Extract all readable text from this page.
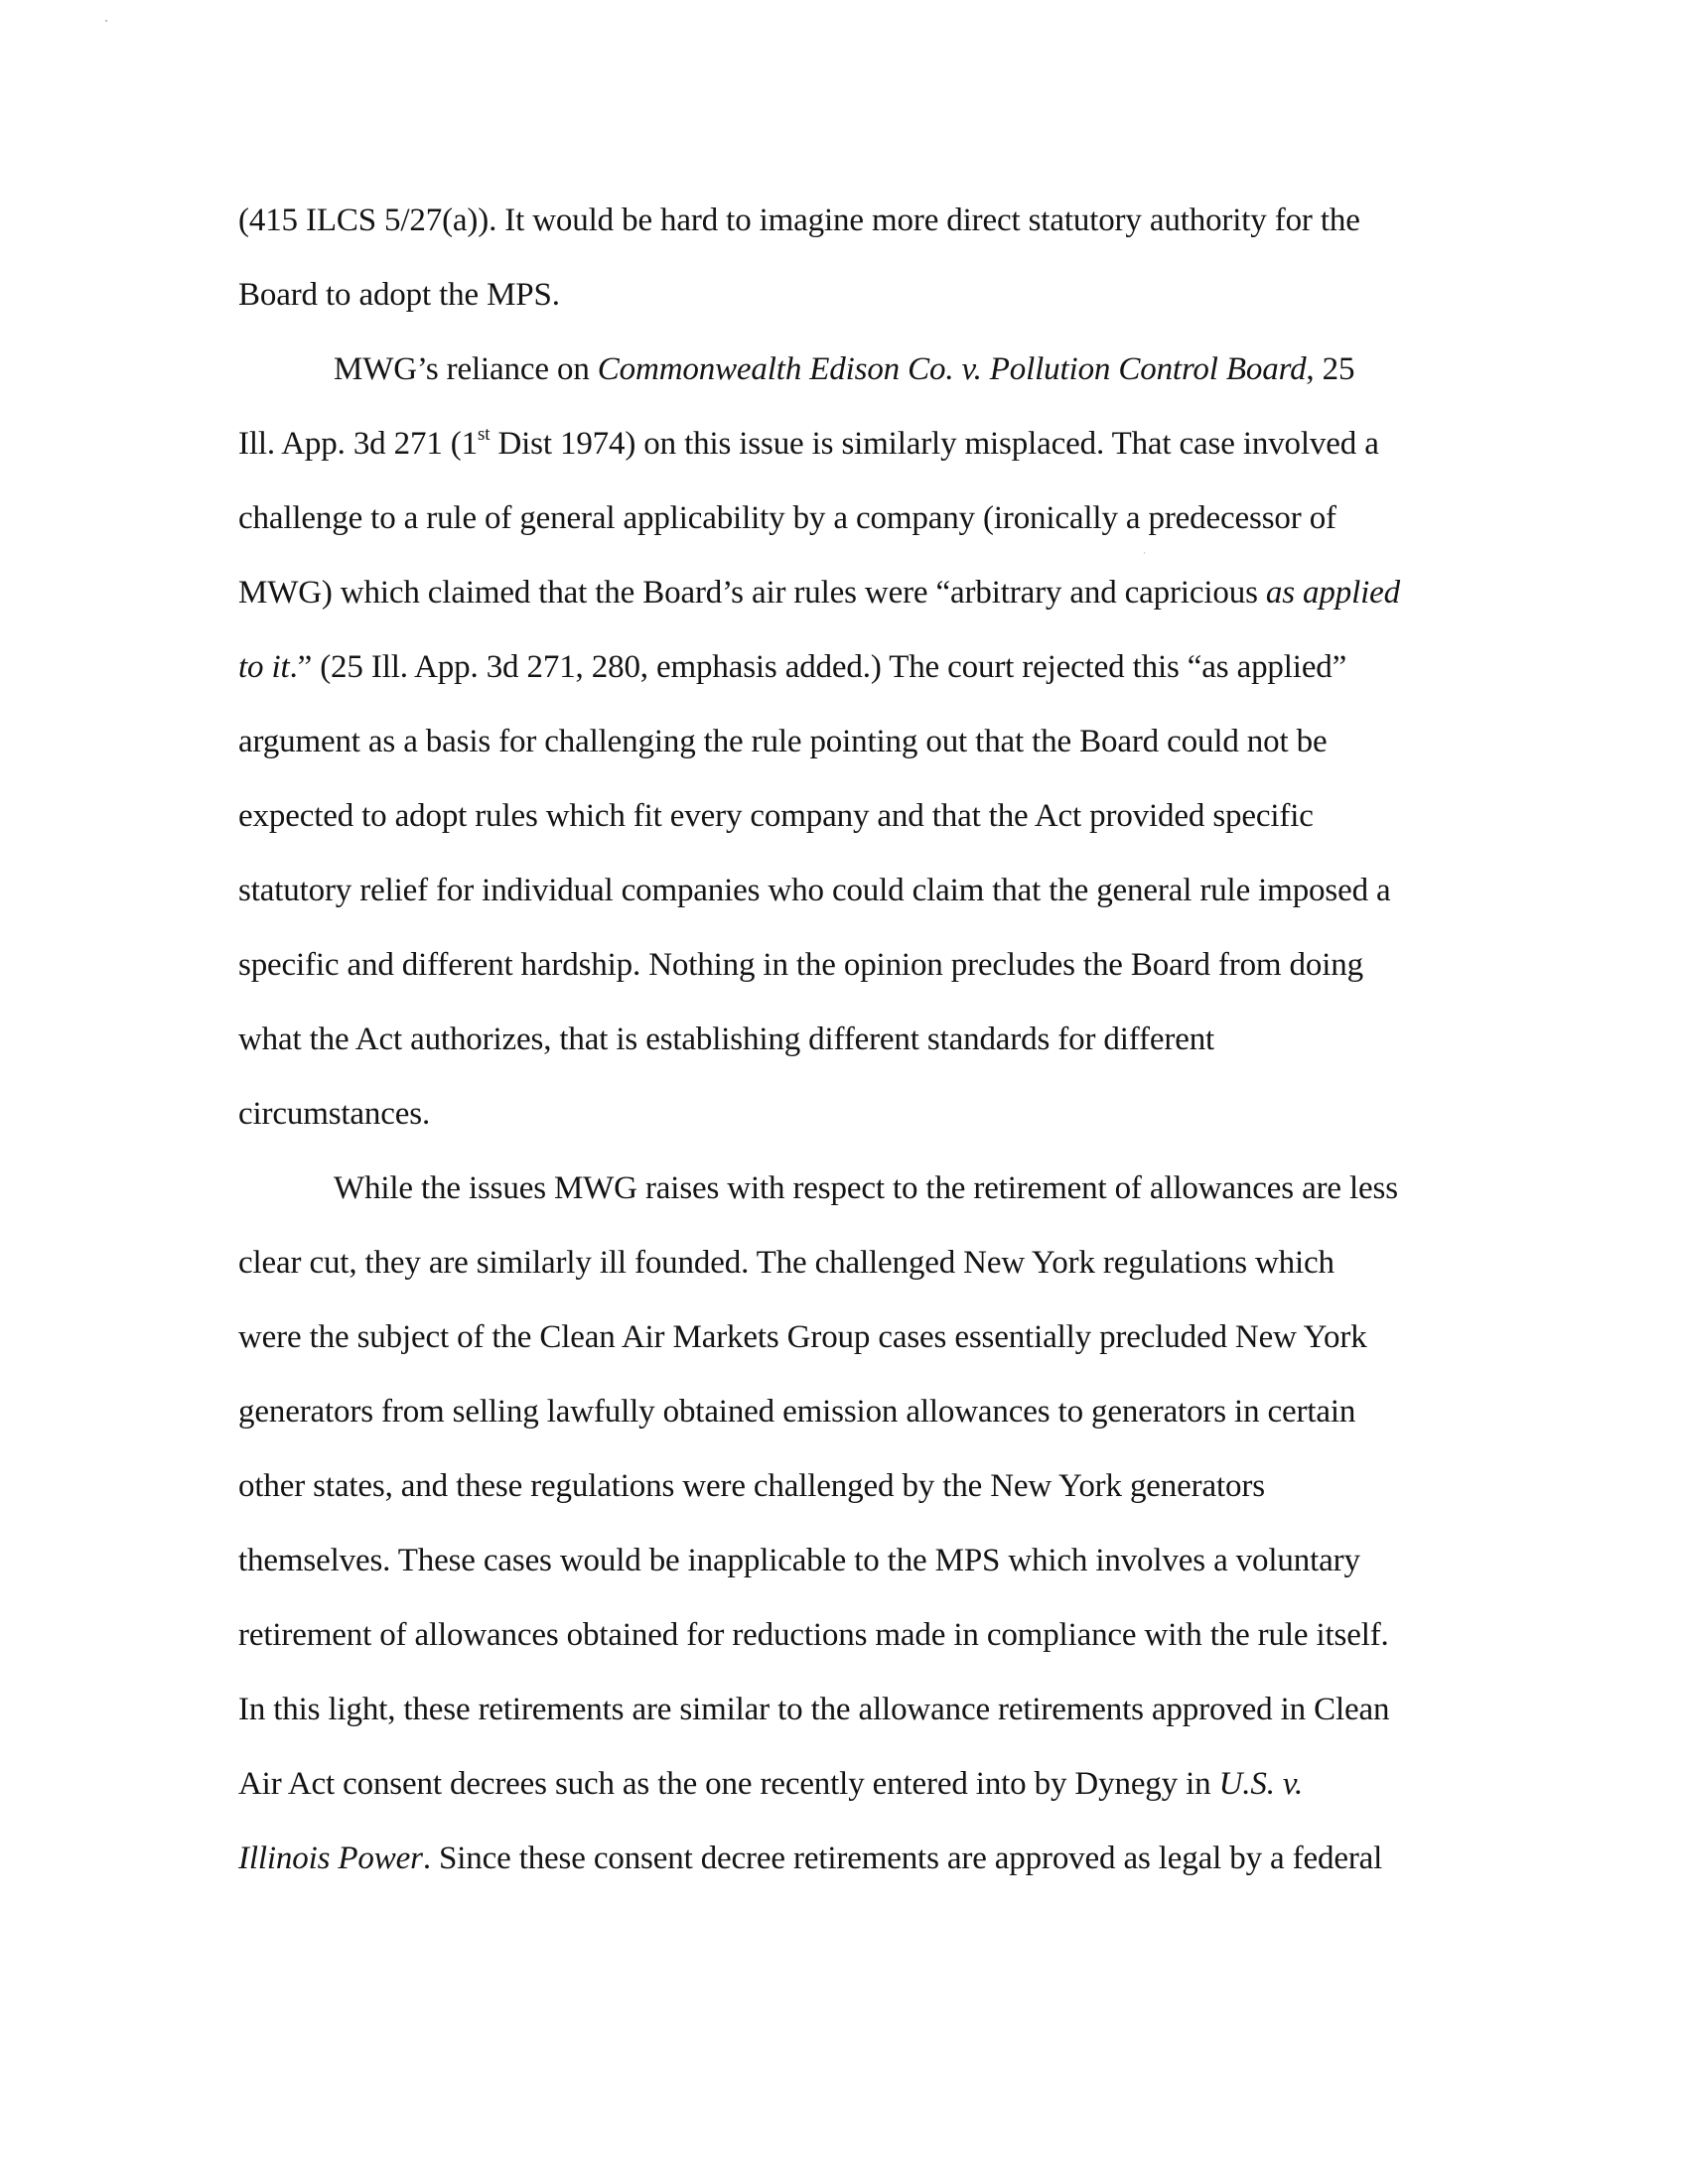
(415 ILCS 5/27(a)). It would be hard to imagine more direct statutory authority for the
Board to adopt the MPS.
MWG’s reliance on Commonwealth Edison Co. v. Pollution Control Board, 25
Ill. App. 3d 271 (1st Dist 1974) on this issue is similarly misplaced. That case involved a
challenge to a rule of general applicability by a company (ironically a predecessor of
MWG) which claimed that the Board’s air rules were “arbitrary and capricious as applied
to it.” (25 Ill. App. 3d 271, 280, emphasis added.) The court rejected this “as applied”
argument as a basis for challenging the rule pointing out that the Board could not be
expected to adopt rules which fit every company and that the Act provided specific
statutory relief for individual companies who could claim that the general rule imposed a
specific and different hardship. Nothing in the opinion precludes the Board from doing
what the Act authorizes, that is establishing different standards for different
circumstances.
While the issues MWG raises with respect to the retirement of allowances are less
clear cut, they are similarly ill founded. The challenged New York regulations which
were the subject of the Clean Air Markets Group cases essentially precluded New York
generators from selling lawfully obtained emission allowances to generators in certain
other states, and these regulations were challenged by the New York generators
themselves. These cases would be inapplicable to the MPS which involves a voluntary
retirement of allowances obtained for reductions made in compliance with the rule itself.
In this light, these retirements are similar to the allowance retirements approved in Clean
Air Act consent decrees such as the one recently entered into by Dynegy in U.S. v.
Illinois Power. Since these consent decree retirements are approved as legal by a federal
